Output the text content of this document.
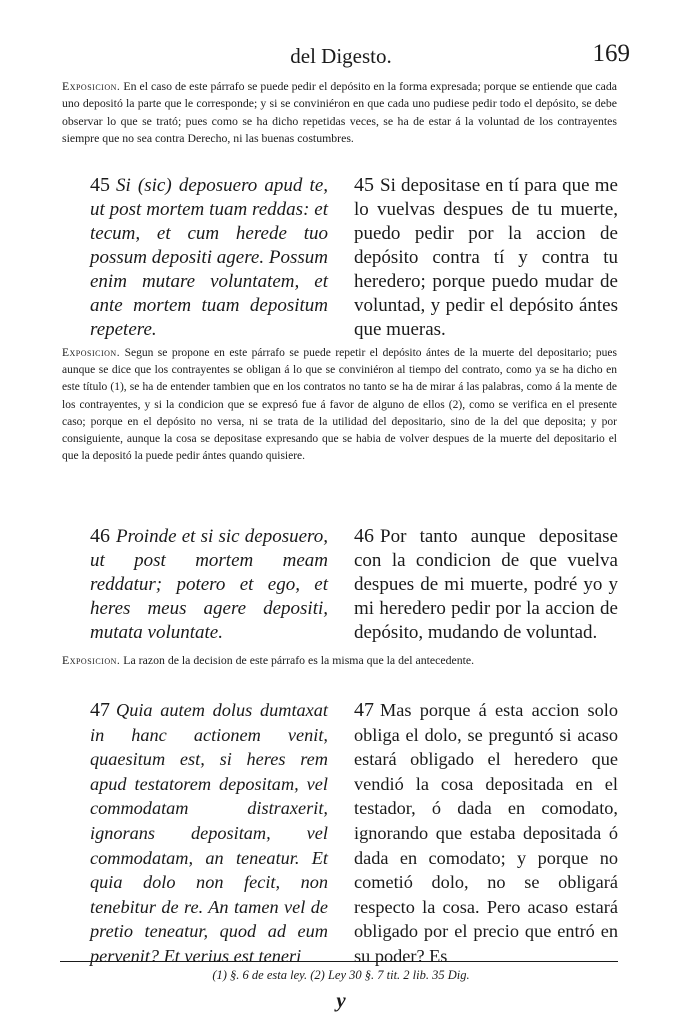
del Digesto.	169

Exposicion. En el caso de este párrafo se puede pedir el depósito en la forma expresada; porque se entiende que cada uno depositó la parte que le corresponde; y si se conviniéron en que cada uno pudiese pedir todo el depósito, se debe observar lo que se trató; pues como se ha dicho repetidas veces, se ha de estar á la voluntad de los contrayentes siempre que no sea contra Derecho, ni las buenas costumbres.

45 Si (sic) deposuero apud te, ut post mortem tuam reddas: et tecum, et cum herede tuo possum depositi agere. Possum enim mutare voluntatem, et ante mortem tuam depositum repetere.

45 Si depositase en tí para que me lo vuelvas despues de tu muerte, puedo pedir por la accion de depósito contra tí y contra tu heredero; porque puedo mudar de voluntad, y pedir el depósito ántes que mueras.

Exposicion. Segun se propone en este párrafo se puede repetir el depósito ántes de la muerte del depositario; pues aunque se dice que los contrayentes se obligan á lo que se conviniéron al tiempo del contrato, como ya se ha dicho en este título (1), se ha de entender tambien que en los contratos no tanto se ha de mirar á las palabras, como á la mente de los contrayentes, y si la condicion que se expresó fue á favor de alguno de ellos (2), como se verifica en el presente caso; porque en el depósito no versa, ni se trata de la utilidad del depositario, sino de la del que deposita; y por consiguiente, aunque la cosa se depositase expresando que se habia de volver despues de la muerte del depositario el que la depositó la puede pedir ántes quando quisiere.

46 Proinde et si sic deposuero, ut post mortem meam reddatur; potero et ego, et heres meus agere depositi, mutata voluntate.

46 Por tanto aunque depositase con la condicion de que vuelva despues de mi muerte, podré yo y mi heredero pedir por la accion de depósito, mudando de voluntad.

Exposicion. La razon de la decision de este párrafo es la misma que la del antecedente.

47 Quia autem dolus dumtaxat in hanc actionem venit, quaesitum est, si heres rem apud testatorem depositam, vel commodatam distraxerit, ignorans depositam, vel commodatam, an teneatur. Et quia dolo non fecit, non tenebitur de re. An tamen vel de pretio teneatur, quod ad eum pervenit? Et verius est teneri

47 Mas porque á esta accion solo obliga el dolo, se preguntó si acaso estará obligado el heredero que vendió la cosa depositada en el testador, ó dada en comodato, ignorando que estaba depositada ó dada en comodato; y porque no cometió dolo, no se obligará respecto la cosa. Pero acaso estará obligado por el precio que entró en su poder? Es

(1) §. 6 de esta ley. (2) Ley 30 §. 7 tit. 2 lib. 35 Dig.
y
